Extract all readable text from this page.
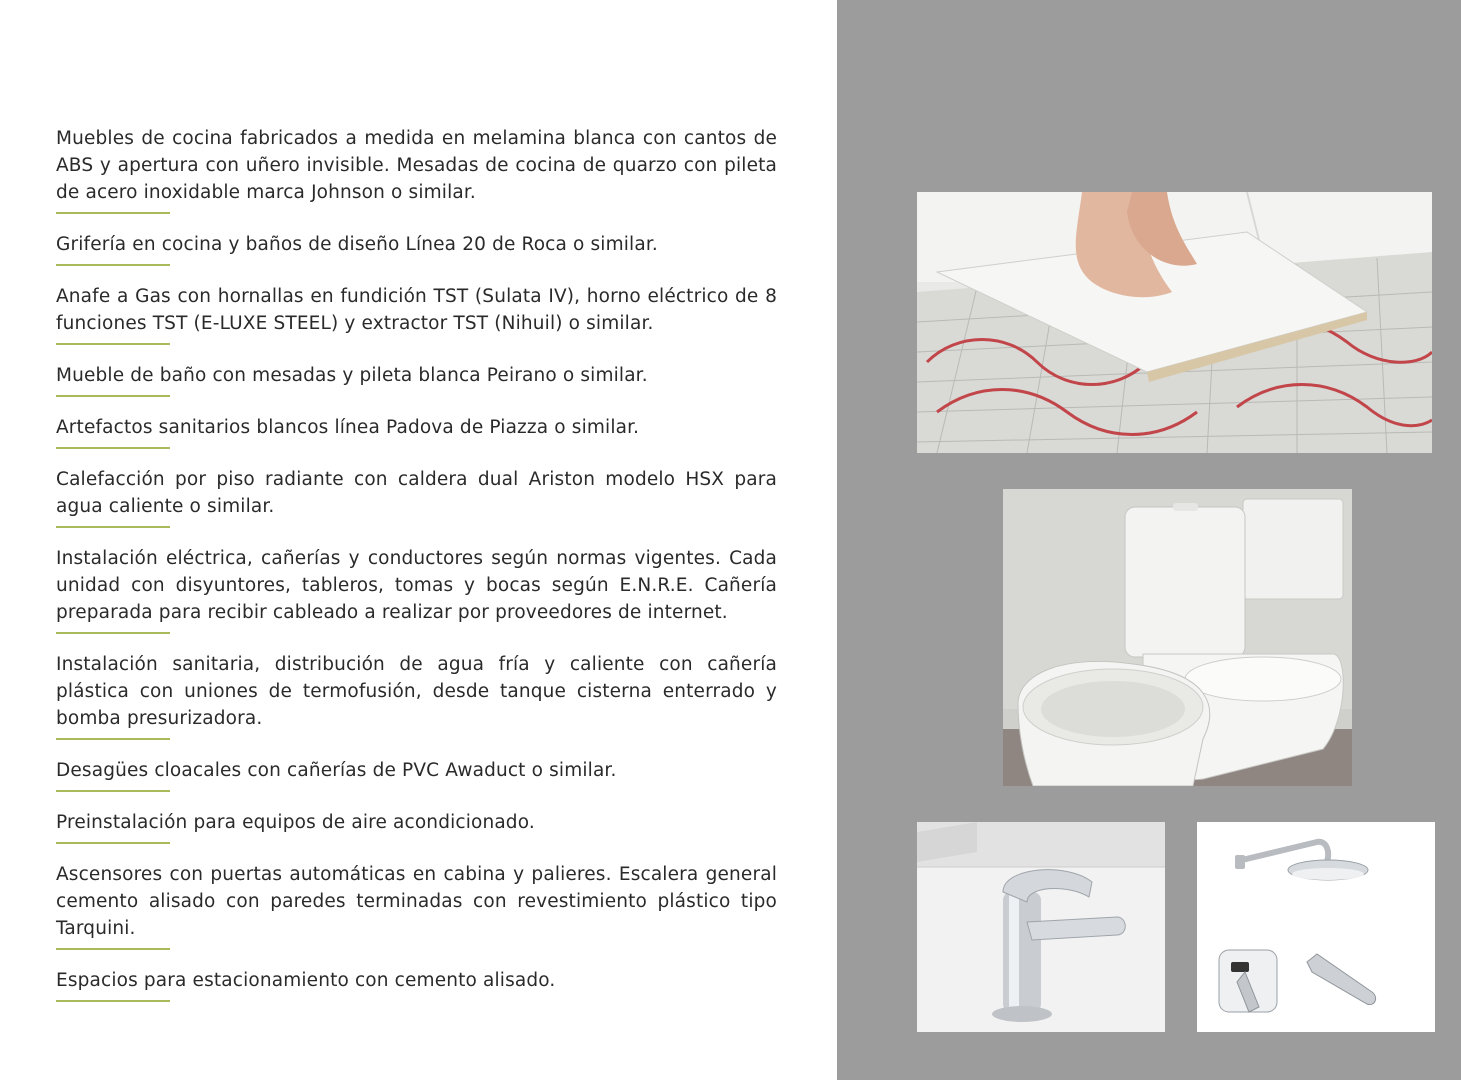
Muebles de cocina fabricados a medida en melamina blanca con cantos de ABS y apertura con uñero invisible. Mesadas de cocina de quarzo con pileta de acero inoxidable marca Johnson o similar.

Grifería en cocina y baños de diseño Línea 20 de Roca o similar.

Anafe a Gas con hornallas en fundición TST (Sulata IV), horno eléctrico de 8 funciones TST (E-LUXE STEEL) y extractor TST (Nihuil) o similar.

Mueble de baño con mesadas y pileta blanca Peirano o similar.

Artefactos sanitarios blancos línea Padova de Piazza o similar.

Calefacción por piso radiante con caldera dual Ariston modelo HSX para agua caliente o similar.

Instalación eléctrica, cañerías y conductores según normas vigentes. Cada unidad con disyuntores, tableros, tomas y bocas según E.N.R.E. Cañería preparada para recibir cableado a realizar por proveedores de internet.

Instalación sanitaria, distribución de agua fría y caliente con cañería plástica con uniones de termofusión, desde tanque cisterna enterrado y bomba presurizadora.

Desagües cloacales con cañerías de PVC Awaduct o similar.

Preinstalación para equipos de aire acondicionado.

Ascensores con puertas automáticas en cabina y palieres. Escalera general cemento alisado con paredes terminadas con revestimiento plástico tipo Tarquini.

Espacios para estacionamiento con cemento alisado.
